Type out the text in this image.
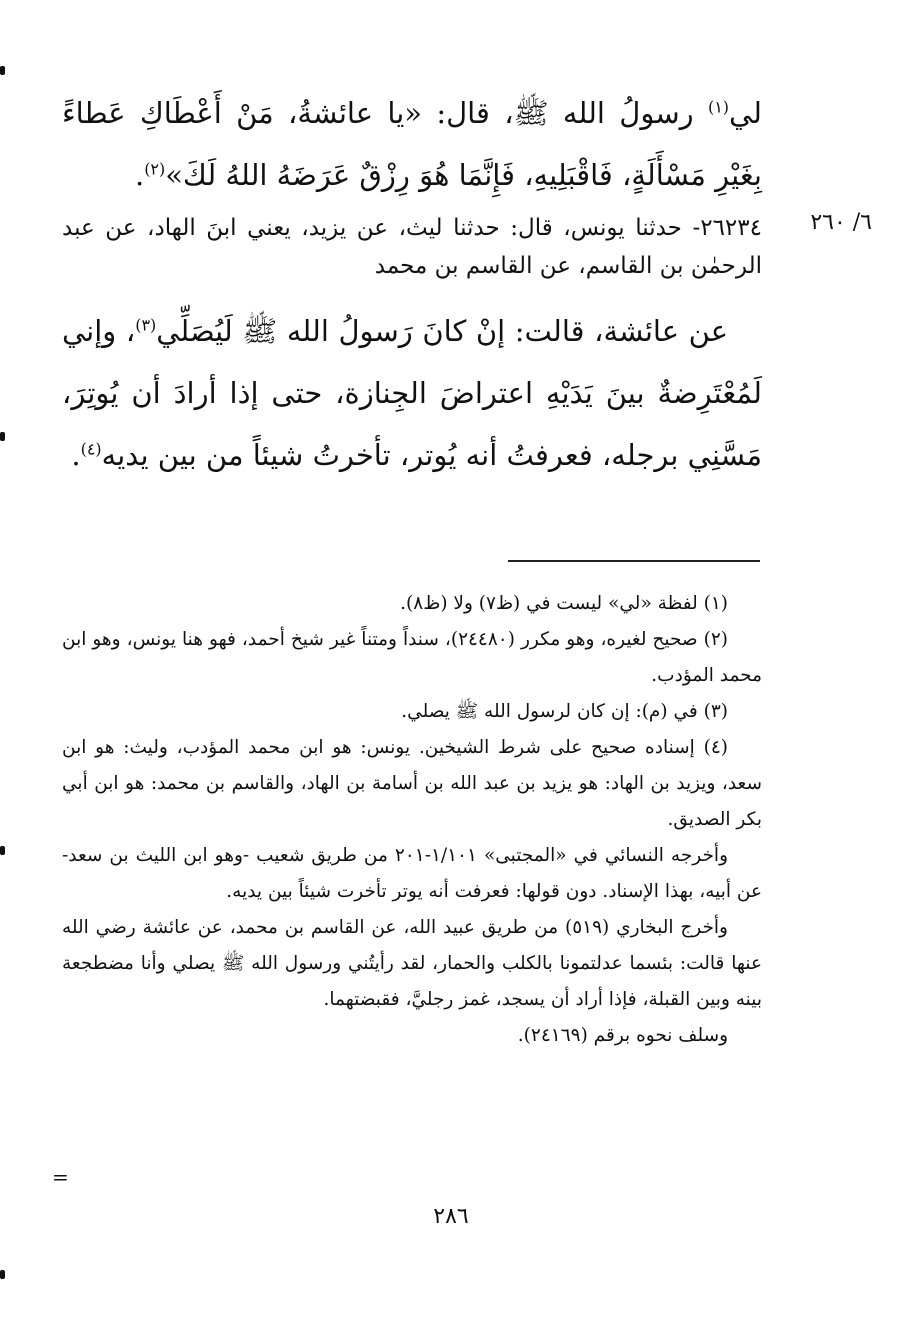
لي$^{(١)}$ رسولُ الله ﷺ، قال: «يا عائشةُ، مَنْ أَعْطَاكِ عَطاءً بِغَيْرِ مَسْأَلَةٍ، فَاقْبَلِيهِ، فَإِنَّمَا هُوَ رِزْقٌ عَرَضَهُ اللهُ لَكَ»$^{(٢)}$.

٦/ ٢٦٠

٢٦٢٣٤- حدثنا يونس، قال: حدثنا ليث، عن يزيد، يعني ابنَ الهاد، عن عبد الرحمٰن بن القاسم، عن القاسم بن محمد

عن عائشة، قالت: إنْ كانَ رَسولُ الله ﷺ لَيُصَلِّي$^{(٣)}$، وإني لَمُعْتَرِضةٌ بينَ يَدَيْهِ اعتراضَ الجِنازة، حتى إذا أرادَ أن يُوتِرَ، مَسَّنِي برجله، فعرفتُ أنه يُوتر، تأخرتُ شيئاً من بين يديه$^{(٤)}$.

(١) لفظة «لي» ليست في (ظ٧) ولا (ظ٨).

(٢) صحيح لغيره، وهو مكرر (٢٤٤٨٠)، سنداً ومتناً غير شيخ أحمد، فهو هنا يونس، وهو ابن محمد المؤدب.

(٣) في (م): إن كان لرسول الله ﷺ يصلي.

(٤) إسناده صحيح على شرط الشيخين. يونس: هو ابن محمد المؤدب، وليث: هو ابن سعد، ويزيد بن الهاد: هو يزيد بن عبد الله بن أسامة بن الهاد، والقاسم بن محمد: هو ابن أبي بكر الصديق.

وأخرجه النسائي في «المجتبى» ١/١٠١-٢٠١ من طريق شعيب -وهو ابن الليث بن سعد- عن أبيه، بهذا الإسناد. دون قولها: فعرفت أنه يوتر تأخرت شيئاً بين يديه.

وأخرج البخاري (٥١٩) من طريق عبيد الله، عن القاسم بن محمد، عن عائشة رضي الله عنها قالت: بئسما عدلتمونا بالكلب والحمار، لقد رأيتُني ورسول الله ﷺ يصلي وأنا مضطجعة بينه وبين القبلة، فإذا أراد أن يسجد، غمز رجليَّ، فقبضتهما.

وسلف نحوه برقم (٢٤١٦٩).

=
٢٨٦
